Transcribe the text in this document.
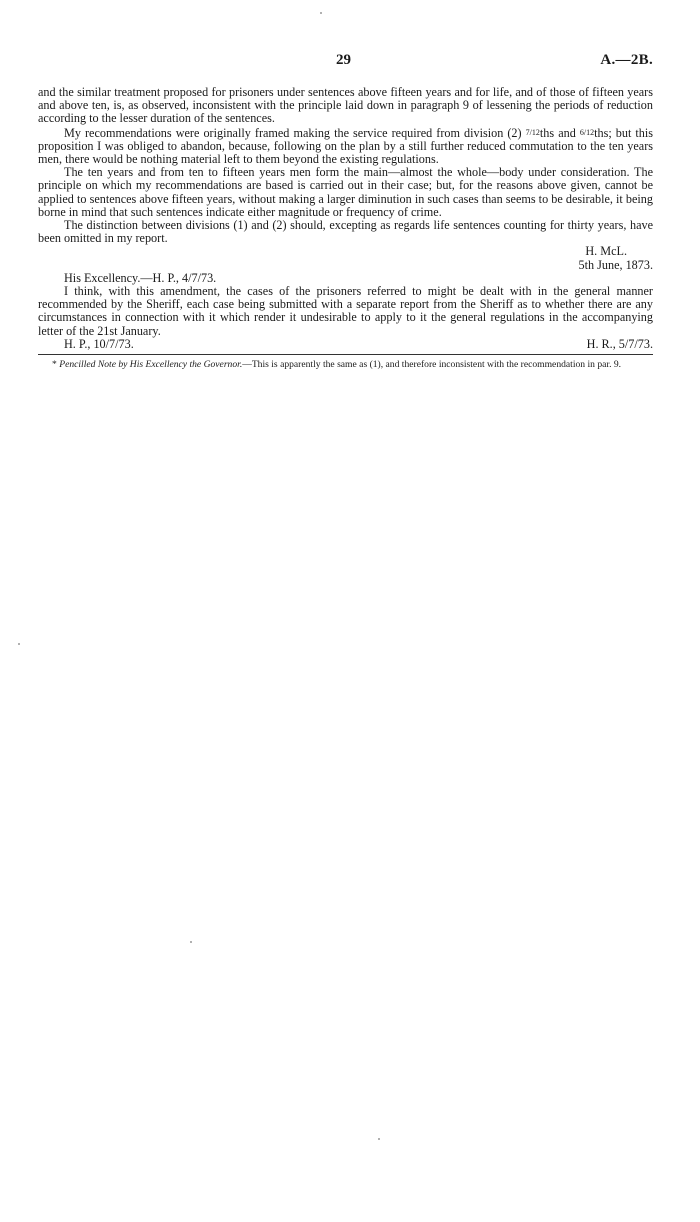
29	A.—2B.

and the similar treatment proposed for prisoners under sentences above fifteen years and for life, and of those of fifteen years and above ten, is, as observed, inconsistent with the principle laid down in paragraph 9 of lessening the periods of reduction according to the lesser duration of the sentences.

My recommendations were originally framed making the service required from division (2) 7/12ths and 6/12ths; but this proposition I was obliged to abandon, because, following on the plan by a still further reduced commutation to the ten years men, there would be nothing material left to them beyond the existing regulations.

The ten years and from ten to fifteen years men form the main—almost the whole—body under consideration. The principle on which my recommendations are based is carried out in their case; but, for the reasons above given, cannot be applied to sentences above fifteen years, without making a larger diminution in such cases than seems to be desirable, it being borne in mind that such sentences indicate either magnitude or frequency of crime.

The distinction between divisions (1) and (2) should, excepting as regards life sentences counting for thirty years, have been omitted in my report.

H. McL.

5th June, 1873.

His Excellency.—H. P., 4/7/73.

I think, with this amendment, the cases of the prisoners referred to might be dealt with in the general manner recommended by the Sheriff, each case being submitted with a separate report from the Sheriff as to whether there are any circumstances in connection with it which render it undesirable to apply to it the general regulations in the accompanying letter of the 21st January.

H. P., 10/7/73.	H. R., 5/7/73.

* Pencilled Note by His Excellency the Governor.—This is apparently the same as (1), and therefore inconsistent with the recommendation in par. 9.
